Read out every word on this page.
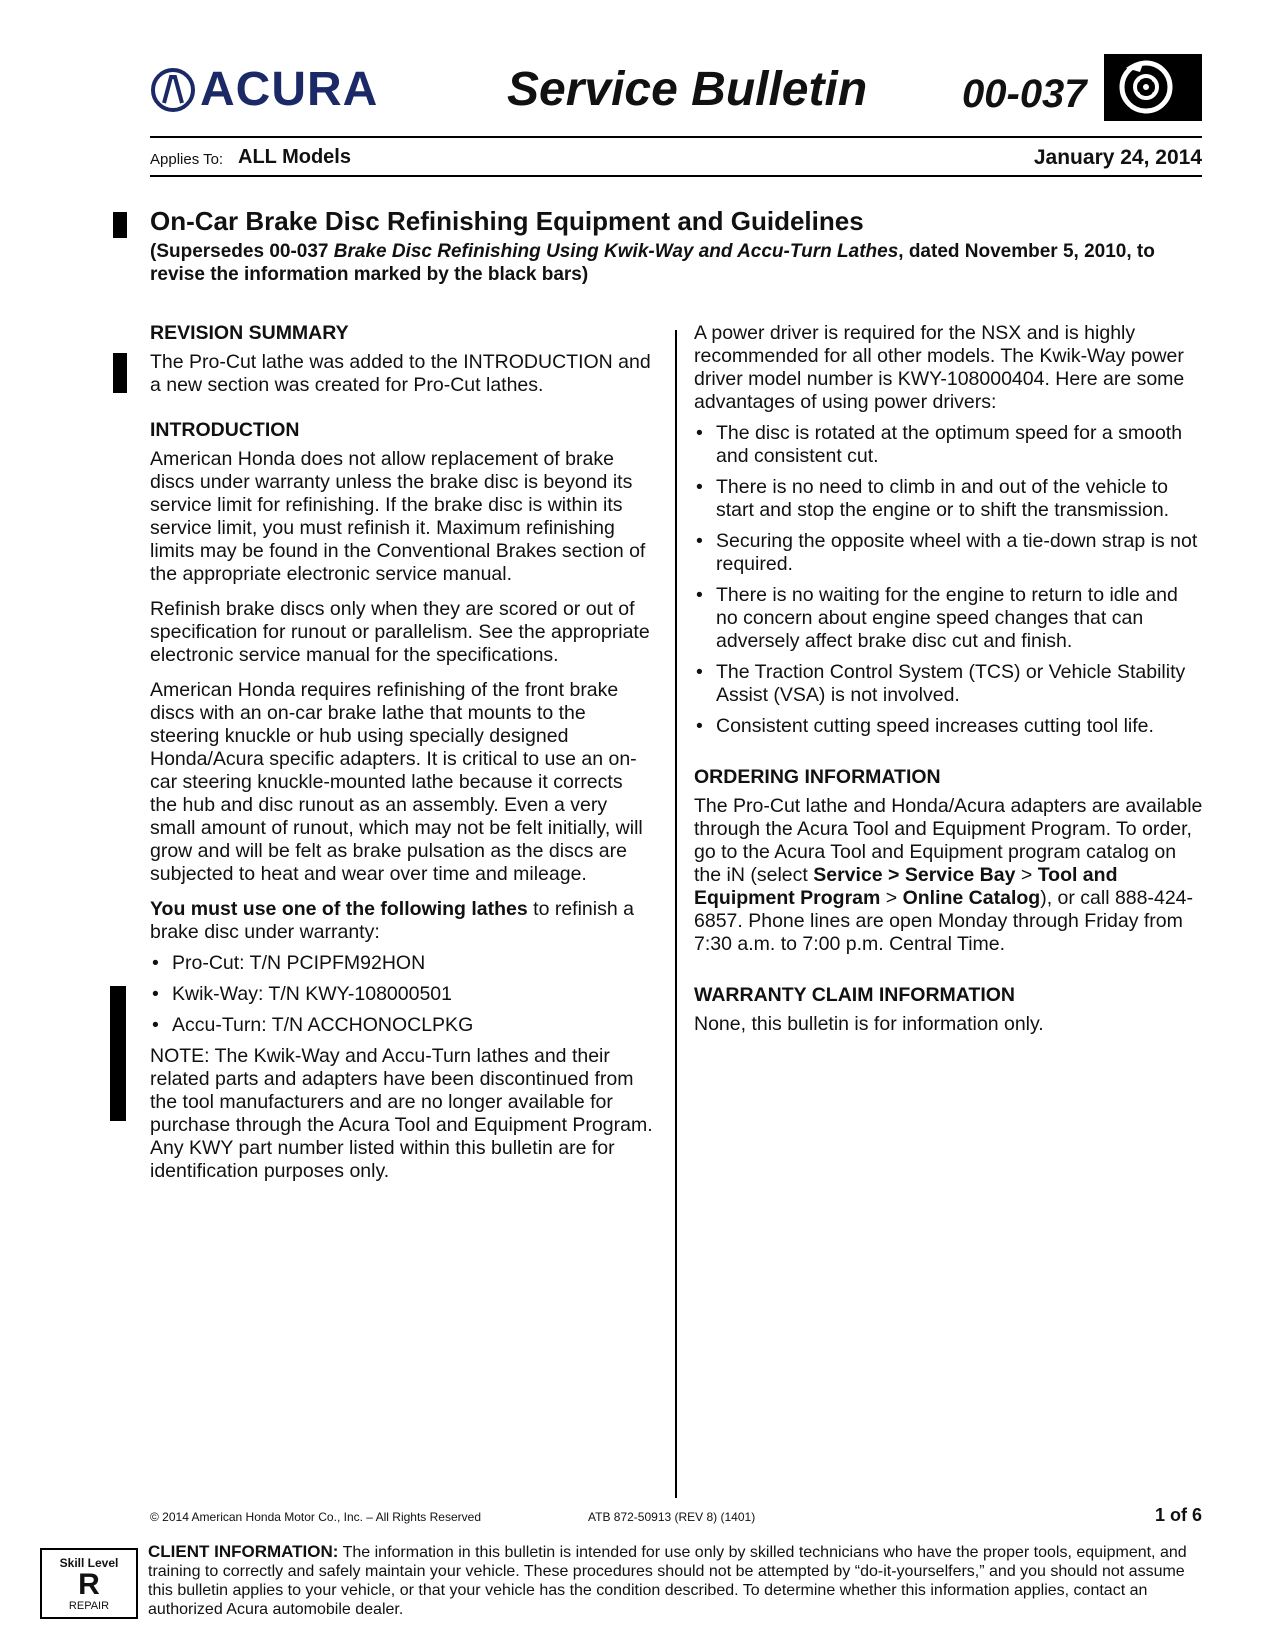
ACURA	Service Bulletin 00-037
Applies To: ALL Models	January 24, 2014
On-Car Brake Disc Refinishing Equipment and Guidelines
(Supersedes 00-037 Brake Disc Refinishing Using Kwik-Way and Accu-Turn Lathes, dated November 5, 2010, to revise the information marked by the black bars)
REVISION SUMMARY

The Pro-Cut lathe was added to the INTRODUCTION and a new section was created for Pro-Cut lathes.

INTRODUCTION

American Honda does not allow replacement of brake discs under warranty unless the brake disc is beyond its service limit for refinishing. If the brake disc is within its service limit, you must refinish it. Maximum refinishing limits may be found in the Conventional Brakes section of the appropriate electronic service manual.

Refinish brake discs only when they are scored or out of specification for runout or parallelism. See the appropriate electronic service manual for the specifications.

American Honda requires refinishing of the front brake discs with an on-car brake lathe that mounts to the steering knuckle or hub using specially designed Honda/Acura specific adapters. It is critical to use an on-car steering knuckle-mounted lathe because it corrects the hub and disc runout as an assembly. Even a very small amount of runout, which may not be felt initially, will grow and will be felt as brake pulsation as the discs are subjected to heat and wear over time and mileage.

You must use one of the following lathes to refinish a brake disc under warranty:

• Pro-Cut: T/N PCIPFM92HON
• Kwik-Way: T/N KWY-108000501
• Accu-Turn: T/N ACCHONOCLPKG

NOTE: The Kwik-Way and Accu-Turn lathes and their related parts and adapters have been discontinued from the tool manufacturers and are no longer available for purchase through the Acura Tool and Equipment Program. Any KWY part number listed within this bulletin are for identification purposes only.

A power driver is required for the NSX and is highly recommended for all other models. The Kwik-Way power driver model number is KWY-108000404. Here are some advantages of using power drivers:

• The disc is rotated at the optimum speed for a smooth and consistent cut.
• There is no need to climb in and out of the vehicle to start and stop the engine or to shift the transmission.
• Securing the opposite wheel with a tie-down strap is not required.
• There is no waiting for the engine to return to idle and no concern about engine speed changes that can adversely affect brake disc cut and finish.
• The Traction Control System (TCS) or Vehicle Stability Assist (VSA) is not involved.
• Consistent cutting speed increases cutting tool life.
ORDERING INFORMATION

The Pro-Cut lathe and Honda/Acura adapters are available through the Acura Tool and Equipment Program. To order, go to the Acura Tool and Equipment program catalog on the iN (select Service > Service Bay > Tool and Equipment Program > Online Catalog), or call 888-424-6857. Phone lines are open Monday through Friday from 7:30 a.m. to 7:00 p.m. Central Time.

WARRANTY CLAIM INFORMATION

None, this bulletin is for information only.

© 2014 American Honda Motor Co., Inc. – All Rights Reserved	ATB 872-50913 (REV 8) (1401)	1 of 6
Skill Level
R
REPAIR
CLIENT INFORMATION: The information in this bulletin is intended for use only by skilled technicians who have the proper tools, equipment, and training to correctly and safely maintain your vehicle. These procedures should not be attempted by “do-it-yourselfers,” and you should not assume this bulletin applies to your vehicle, or that your vehicle has the condition described. To determine whether this information applies, contact an authorized Acura automobile dealer.
